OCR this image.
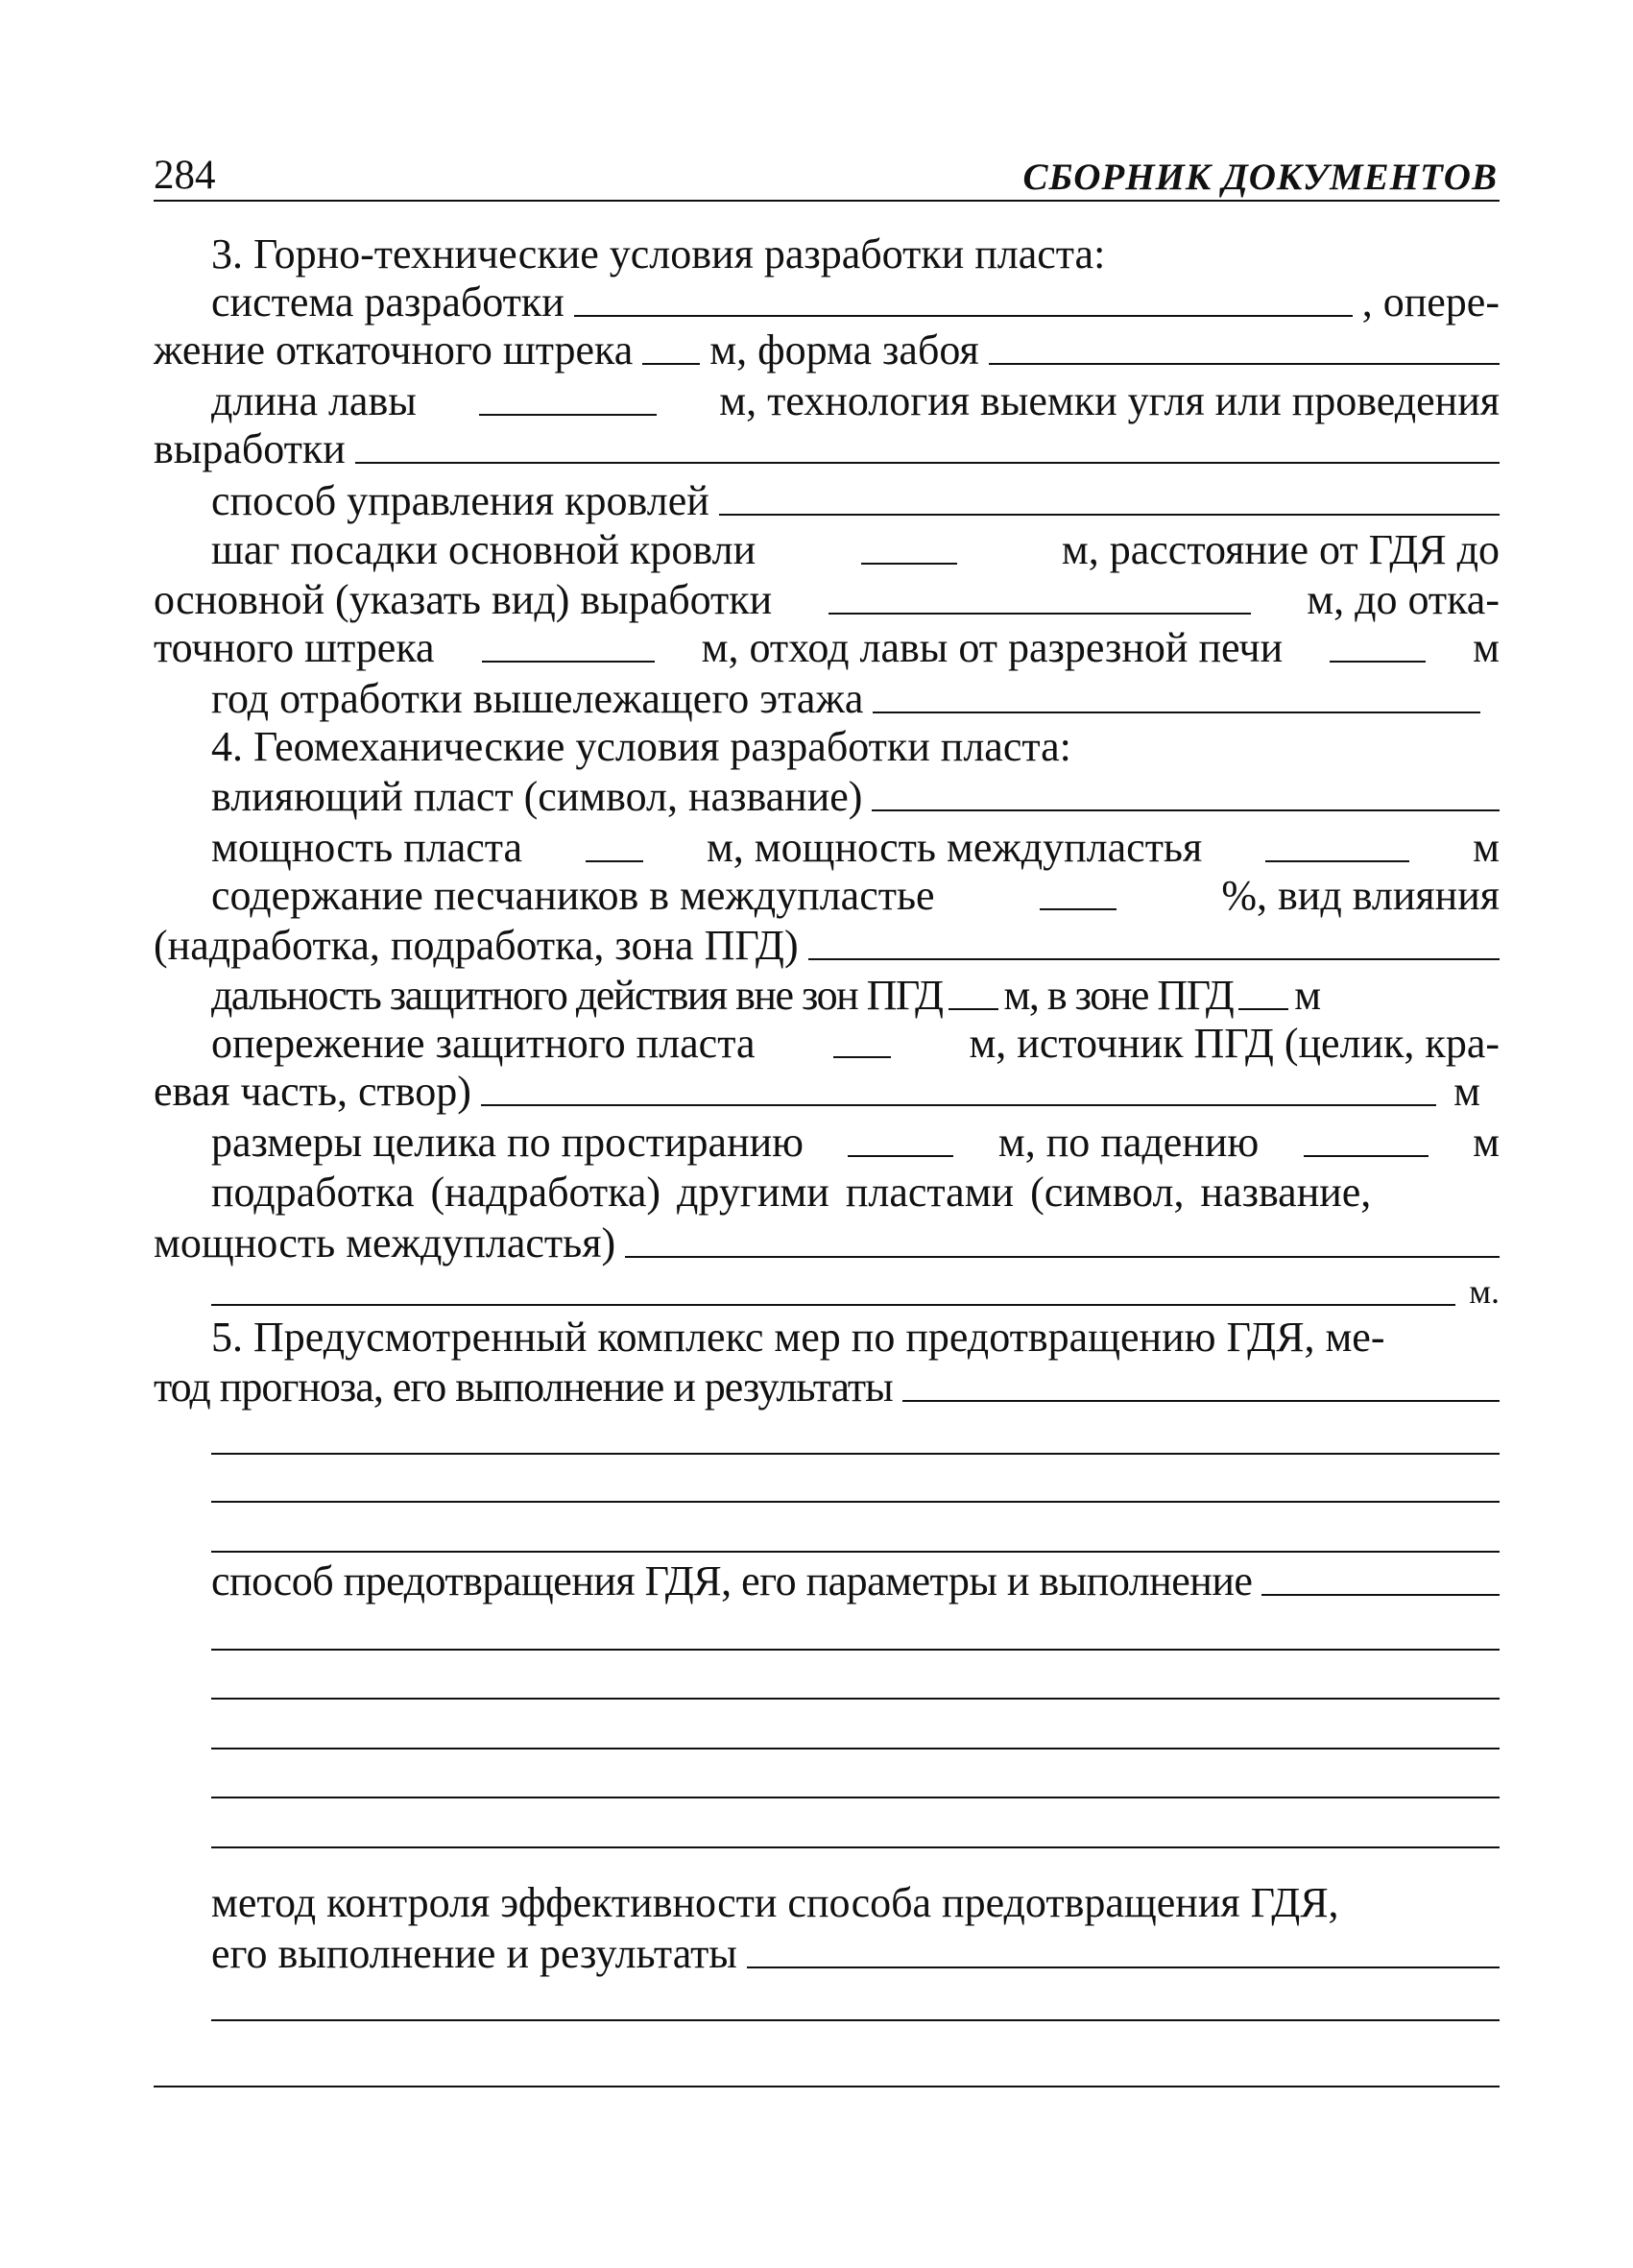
284	СБОРНИК ДОКУМЕНТОВ
3. Горно-технические условия разработки пласта:
система разработки	, опере-
жение откаточного штрека м, форма забоя
длина лавы	м, технология выемки угля или проведения
выработки
способ управления кровлей
шаг посадки основной кровли	м, расстояние от ГДЯ до
основной (указать вид) выработки	м, до отка-
точного штрека	м, отход лавы от разрезной печи	м
год отработки вышележащего этажа
4. Геомеханические условия разработки пласта:
влияющий пласт (символ, название)
мощность пласта	м, мощность междупластья	м
содержание песчаников в междупластье	%, вид влияния
(надработка, подработка, зона ПГД)
дальность защитного действия вне зон ПГД м, в зоне ПГД м
опережение защитного пласта	м, источник ПГД (целик, кра-
евая часть, створ)	м
размеры целика по простиранию	м, по падению	м
подработка (надработка) другими пластами (символ, название,
мощность междупластья)
м.
5. Предусмотренный комплекс мер по предотвращению ГДЯ, ме-
тод прогноза, его выполнение и результаты
способ предотвращения ГДЯ, его параметры и выполнение
метод контроля эффективности способа предотвращения ГДЯ,
его выполнение и результаты
